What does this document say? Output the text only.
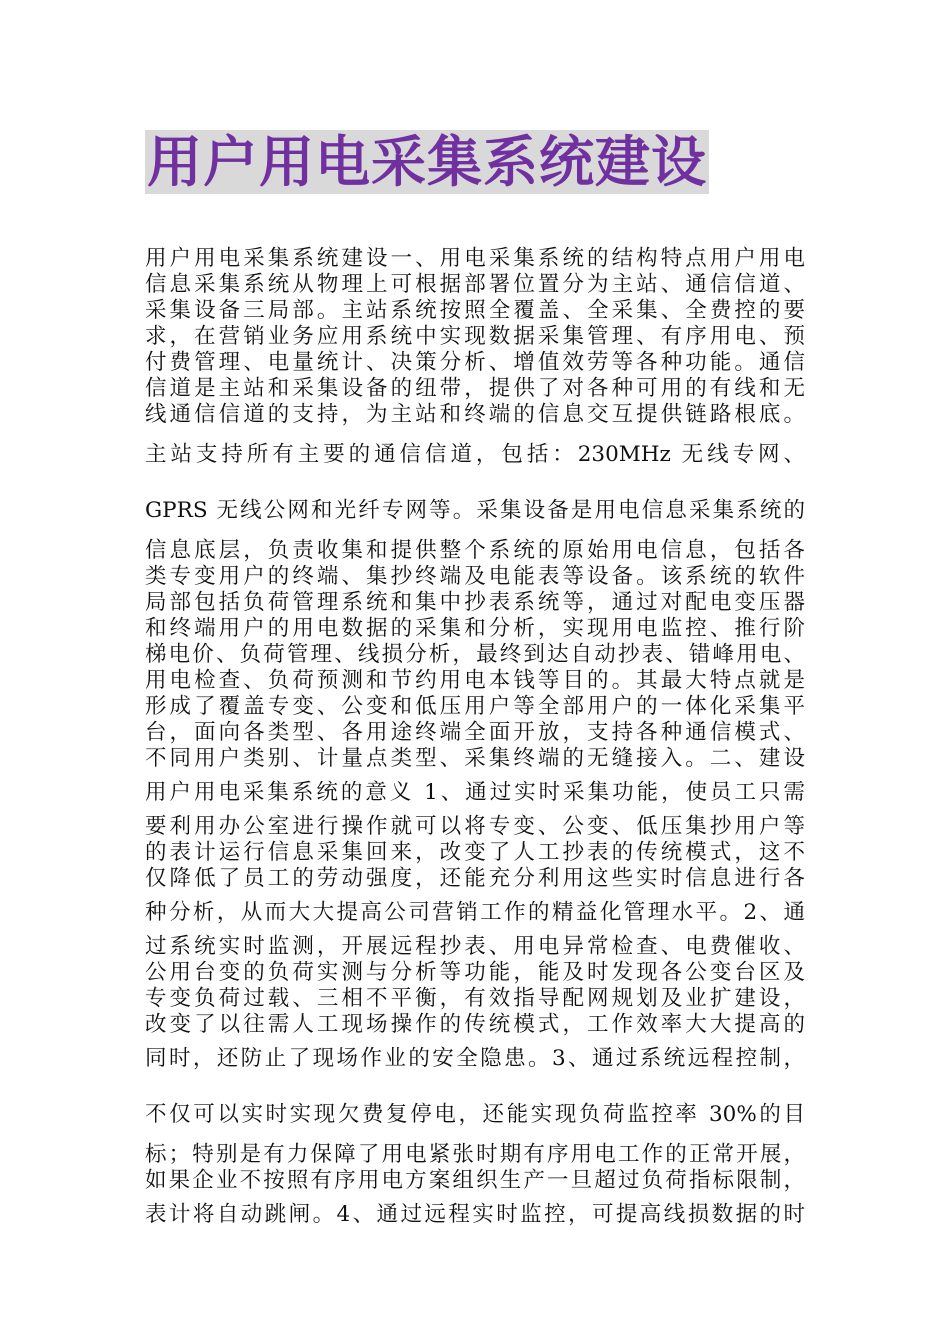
用户用电采集系统建设
用户用电采集系统建设一、用电采集系统的结构特点用户用电
信息采集系统从物理上可根据部署位置分为主站、通信信道、
采集设备三局部。主站系统按照全覆盖、全采集、全费控的要
求，在营销业务应用系统中实现数据采集管理、有序用电、预
付费管理、电量统计、决策分析、增值效劳等各种功能。通信
信道是主站和采集设备的纽带，提供了对各种可用的有线和无
线通信信道的支持，为主站和终端的信息交互提供链路根底。
主站支持所有主要的通信信道，包括：230MHz 无线专网、
GPRS 无线公网和光纤专网等。采集设备是用电信息采集系统的
信息底层，负责收集和提供整个系统的原始用电信息，包括各
类专变用户的终端、集抄终端及电能表等设备。该系统的软件
局部包括负荷管理系统和集中抄表系统等，通过对配电变压器
和终端用户的用电数据的采集和分析，实现用电监控、推行阶
梯电价、负荷管理、线损分析，最终到达自动抄表、错峰用电、
用电检查、负荷预测和节约用电本钱等目的。其最大特点就是
形成了覆盖专变、公变和低压用户等全部用户的一体化采集平
台，面向各类型、各用途终端全面开放，支持各种通信模式、
不同用户类别、计量点类型、采集终端的无缝接入。二、建设
用户用电采集系统的意义 1、通过实时采集功能，使员工只需
要利用办公室进行操作就可以将专变、公变、低压集抄用户等
的表计运行信息采集回来，改变了人工抄表的传统模式，这不
仅降低了员工的劳动强度，还能充分利用这些实时信息进行各
种分析，从而大大提高公司营销工作的精益化管理水平。2、通
过系统实时监测，开展远程抄表、用电异常检查、电费催收、
公用台变的负荷实测与分析等功能，能及时发现各公变台区及
专变负荷过载、三相不平衡，有效指导配网规划及业扩建设，
改变了以往需人工现场操作的传统模式，工作效率大大提高的
同时，还防止了现场作业的安全隐患。3、通过系统远程控制，
不仅可以实时实现欠费复停电，还能实现负荷监控率 30%的目
标；特别是有力保障了用电紧张时期有序用电工作的正常开展，
如果企业不按照有序用电方案组织生产一旦超过负荷指标限制，
表计将自动跳闸。4、通过远程实时监控，可提高线损数据的时
